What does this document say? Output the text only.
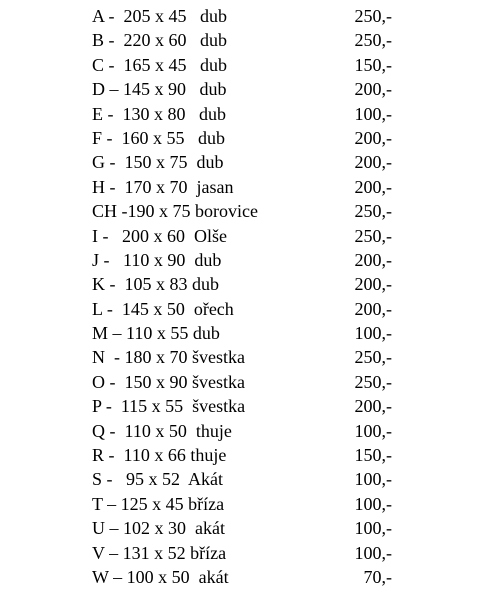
A -  205 x 45   dub	250,-
B -  220 x 60   dub	250,-
C -  165 x 45   dub	150,-
D – 145 x 90   dub	200,-
E -  130 x 80   dub	100,-
F -  160 x 55   dub	200,-
G -  150 x 75  dub	200,-
H -  170 x 70  jasan	200,-
CH -190 x 75 borovice	250,-
I -   200 x 60  Olše	250,-
J -   110 x 90  dub	200,-
K -  105 x 83 dub	200,-
L -  145 x 50  ořech	200,-
M – 110 x 55 dub	100,-
N  - 180 x 70 švestka	250,-
O -  150 x 90 švestka	250,-
P -  115 x 55  švestka	200,-
Q -  110 x 50  thuje	100,-
R -  110 x 66 thuje	150,-
S -   95 x 52  Akát	100,-
T – 125 x 45 bříza	100,-
U – 102 x 30  akát	100,-
V – 131 x 52 bříza	100,-
W – 100 x 50  akát	70,-
